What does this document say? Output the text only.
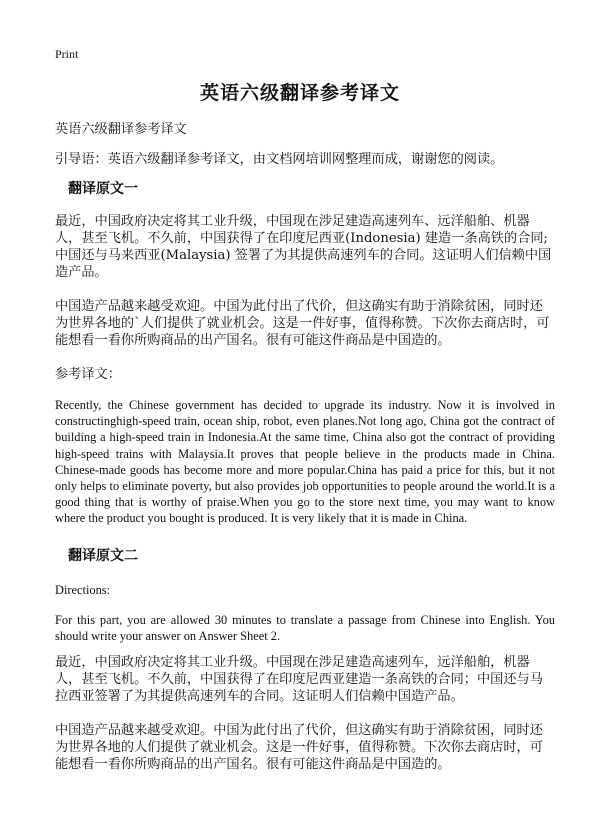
Print
英语六级翻译参考译文

英语六级翻译参考译文

引导语：英语六级翻译参考译文，由文档网培训网整理而成，谢谢您的阅读。

翻译原文一

最近，中国政府决定将其工业升级，中国现在涉足建造高速列车、远洋船舶、机器人，甚至飞机。不久前，中国获得了在印度尼西亚(Indonesia) 建造一条高铁的合同;中国还与马来西亚(Malaysia) 签署了为其提供高速列车的合同。这证明人们信赖中国造产品。

中国造产品越来越受欢迎。中国为此付出了代价，但这确实有助于消除贫困，同时还为世界各地的`人们提供了就业机会。这是一件好事，值得称赞。下次你去商店时，可能想看一看你所购商品的出产国名。很有可能这件商品是中国造的。

参考译文：

Recently, the Chinese government has decided to upgrade its industry. Now it is involved in constructinghigh-speed train, ocean ship, robot, even planes.Not long ago, China got the contract of building a high-speed train in Indonesia.At the same time, China also got the contract of providing high-speed trains with Malaysia.It proves that people believe in the products made in China. Chinese-made goods has become more and more popular.China has paid a price for this, but it not only helps to eliminate poverty, but also provides job opportunities to people around the world.It is a good thing that is worthy of praise.When you go to the store next time, you may want to know where the product you bought is produced. It is very likely that it is made in China.

翻译原文二

Directions:

For this part, you are allowed 30 minutes to translate a passage from Chinese into English. You should write your answer on Answer Sheet 2.

最近，中国政府决定将其工业升级。中国现在涉足建造高速列车，远洋船舶，机器人，甚至飞机。不久前，中国获得了在印度尼西亚建造一条高铁的合同；中国还与马拉西亚签署了为其提供高速列车的合同。这证明人们信赖中国造产品。

中国造产品越来越受欢迎。中国为此付出了代价，但这确实有助于消除贫困，同时还为世界各地的人们提供了就业机会。这是一件好事，值得称赞。下次你去商店时，可能想看一看你所购商品的出产国名。很有可能这件商品是中国造的。
